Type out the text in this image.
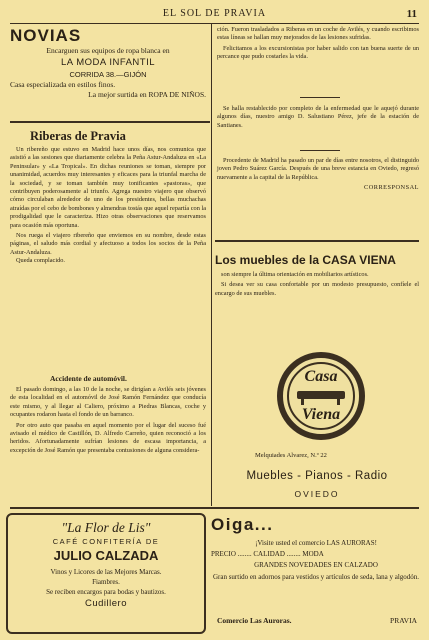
EL SOL DE PRAVIA	11
NOVIAS
Encarguen sus equipos de ropa blanca en
LA MODA INFANTIL
CORRIDA 38.—GIJÓN
Casa especializada en estilos finos.
La mejor surtida en ROPA DE NIÑOS.
Riberas de Pravia
Un ribereño que estuvo en Madrid hace unos días, nos comunica que asistió a las sesiones que diariamente celebra la Peña Astur-Andaluza en «La Peninsular» y «La Tropical». En dichas reuniones se toman, siempre por unanimidad, acuerdos muy interesantes y eficaces para la triunfal marcha de la sociedad, y se toman también muy tonificantes «pastoras», que contribuyen poderosamente al triunfo. Agrega nuestro viajero que observó cómo circulaban alrededor de uno de los presidentes, bellas muchachas atraídas por el cebo de bombones y almendras tostás que aquel repartía con la prodigalidad que le caracteriza. Hizo otras observaciones que reservamos para ocasión más oportuna.
Nos ruega el viajero ribereño que enviemos en su nombre, desde estas páginas, el saludo más cordial y afectuoso a todos los socios de la Peña Astur-Andaluza.
Queda complacido.
Accidente de automóvil.
El pasado domingo, a las 10 de la noche, se dirigían a Avilés seis jóvenes de esta localidad en el automóvil de José Ramón Fernández que conducía este mismo, y al llegar al Caliero, próximo a Piedras Blancas, coche y ocupantes rodaron hasta el fondo de un barranco.
Por otro auto que pasaba en aquel momento por el lugar del suceso fué avisado el médico de Castillón, D. Alfredo Carreño, quien reconoció a los heridos. Afortunadamente sufrían lesiones de escasa importancia, a excepción de José Ramón que presentaba contusiones de alguna considera-
ción. Fueron trasladados a Riberas en un coche de Avilés, y cuando escribimos estas líneas se hallan muy mejorados de las lesiones sufridas.
Felicitamos a los excursionistas por haber salido con tan buena suerte de un percance que pudo costarles la vida.
Se halla restablecido por completo de la enfermedad que le aquejó durante algunos días, nuestro amigo D. Salustiano Pérez, jefe de la estación de Santianes.
Procedente de Madrid ha pasado un par de días entre nosotros, el distinguido joven Pedro Suárez García. Después de una breve estancia en Oviedo, regresó nuevamente a la capital de la República.
CORRESPONSAL
Los muebles de la CASA VIENA
son siempre la última orientación en mobiliarios artísticos.
Si desea ver su casa confortable por un modesto presupuesto, confíele el encargo de sus muebles.
Casa
Viena
Melquiades Alvarez, N.º 22
Muebles - Pianos - Radio
OVIEDO
"La Flor de Lis"
CAFÉ CONFITERÍA DE
JULIO CALZADA
Vinos y Licores de las Mejores Marcas.
Fiambres.
Se reciben encargos para bodas y bautizos.
Cudillero
Oiga...
¡Visite usted el comercio LAS AURORAS!
PRECIO ........ CALIDAD ........ MODA
GRANDES NOVEDADES EN CALZADO
Gran surtido en adornos para vestidos y artículos de seda, lana y algodón.
Comercio Las Auroras.	PRAVIA
